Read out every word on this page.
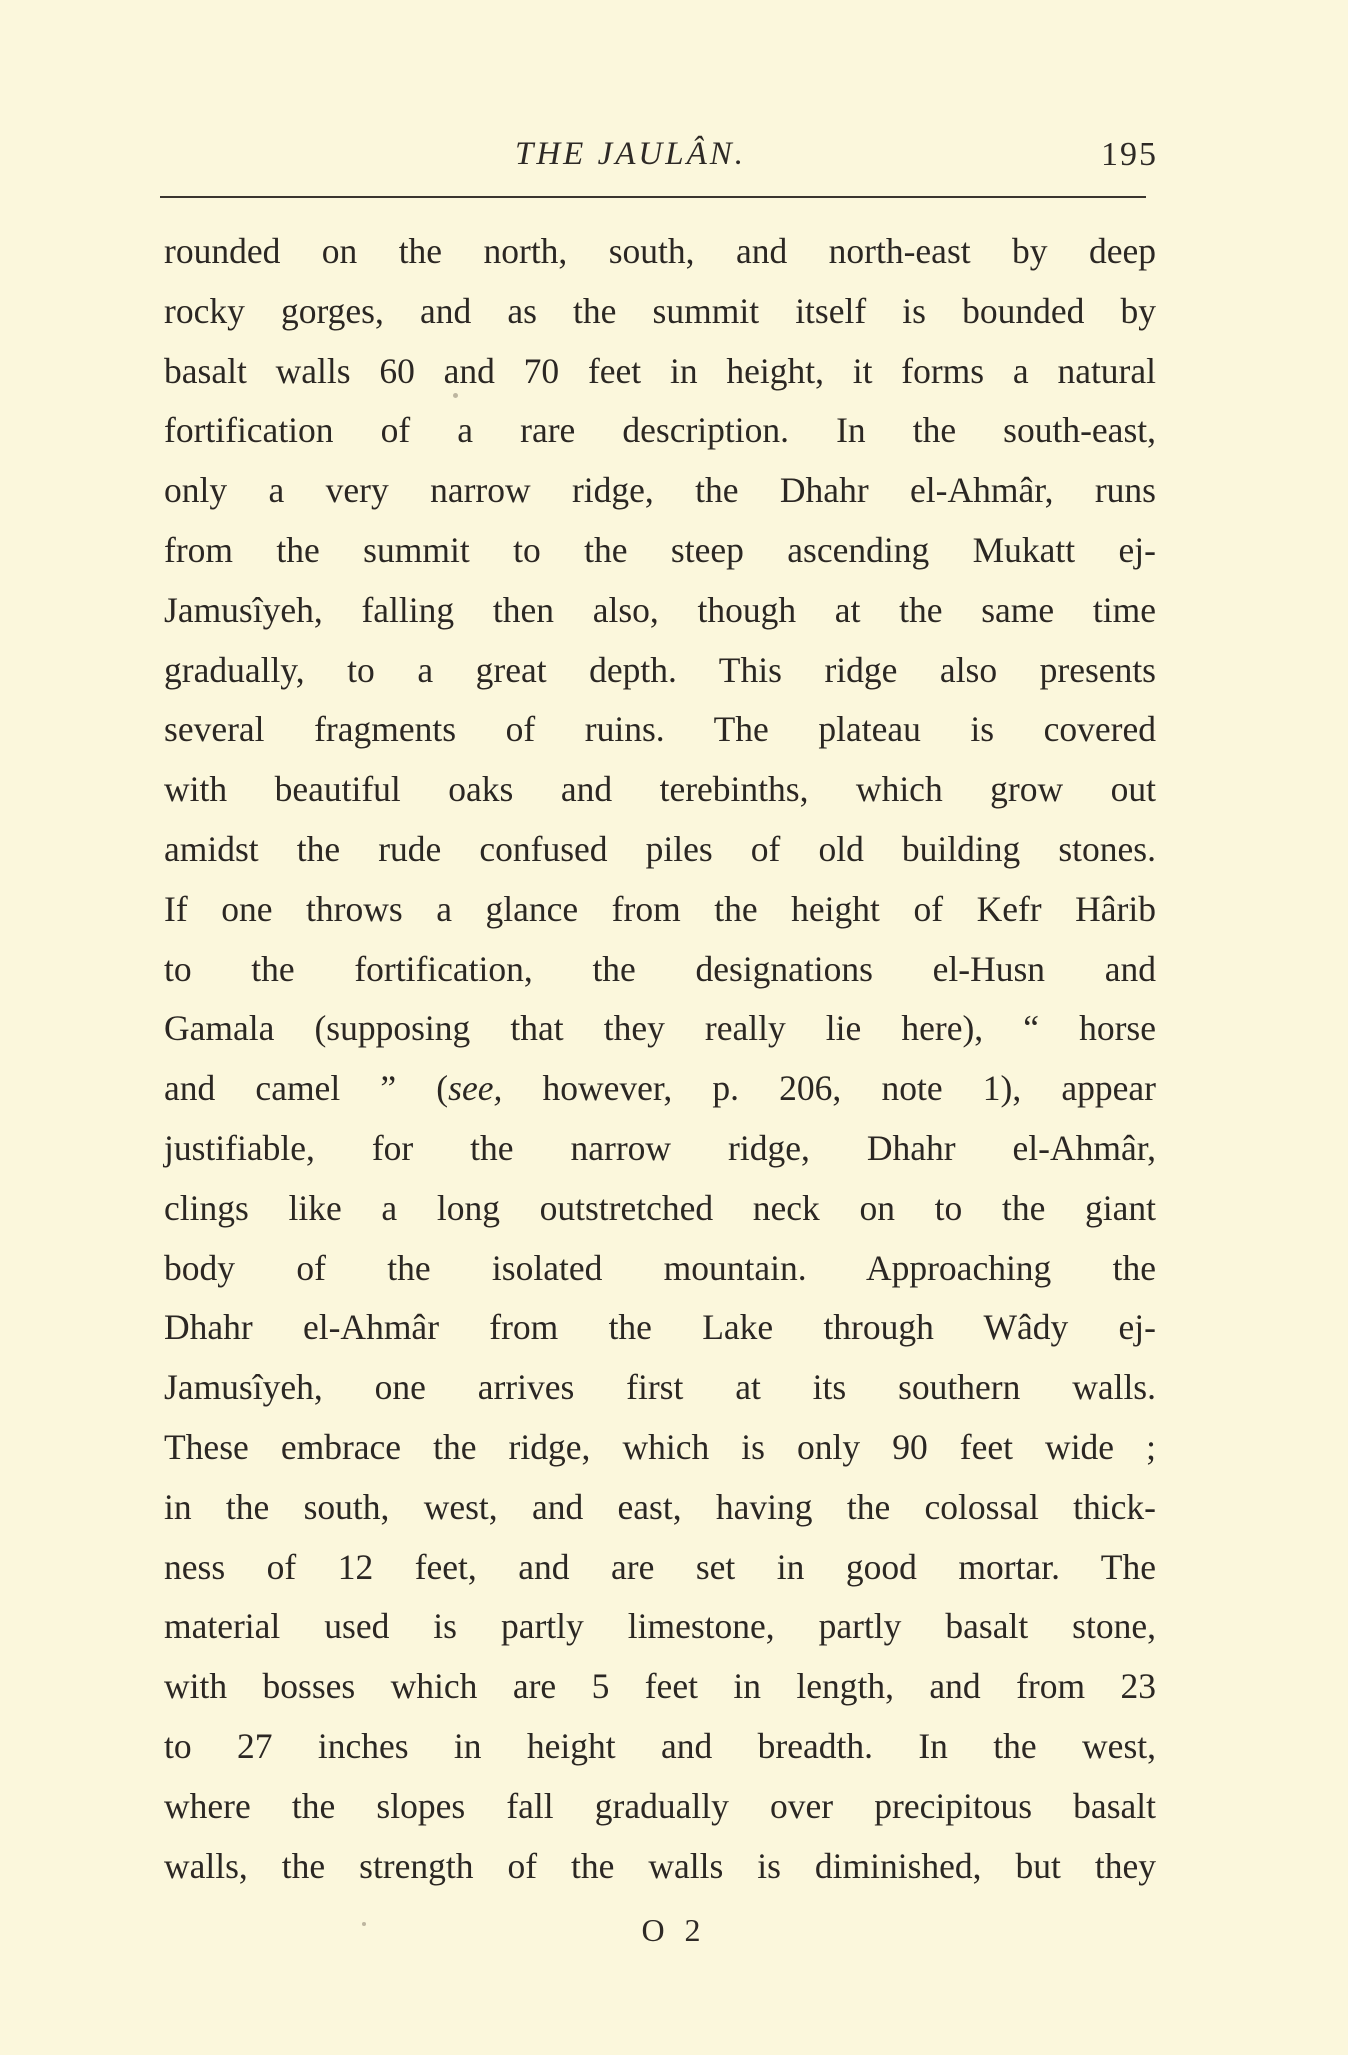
THE JAULÂN.	195
rounded on the north, south, and north-east by deep
rocky gorges, and as the summit itself is bounded by
basalt walls 60 and 70 feet in height, it forms a natural
fortification of a rare description. In the south-east,
only a very narrow ridge, the Dhahr el-Ahmâr, runs
from the summit to the steep ascending Mukatt ej-
Jamusîyeh, falling then also, though at the same time
gradually, to a great depth. This ridge also presents
several fragments of ruins. The plateau is covered
with beautiful oaks and terebinths, which grow out
amidst the rude confused piles of old building stones.
If one throws a glance from the height of Kefr Hârib
to the fortification, the designations el-Husn and
Gamala (supposing that they really lie here), “ horse
and camel ” (see, however, p. 206, note 1), appear
justifiable, for the narrow ridge, Dhahr el-Ahmâr,
clings like a long outstretched neck on to the giant
body of the isolated mountain. Approaching the
Dhahr el-Ahmâr from the Lake through Wâdy ej-
Jamusîyeh, one arrives first at its southern walls.
These embrace the ridge, which is only 90 feet wide ;
in the south, west, and east, having the colossal thick-
ness of 12 feet, and are set in good mortar. The
material used is partly limestone, partly basalt stone,
with bosses which are 5 feet in length, and from 23
to 27 inches in height and breadth. In the west,
where the slopes fall gradually over precipitous basalt
walls, the strength of the walls is diminished, but they
O 2
